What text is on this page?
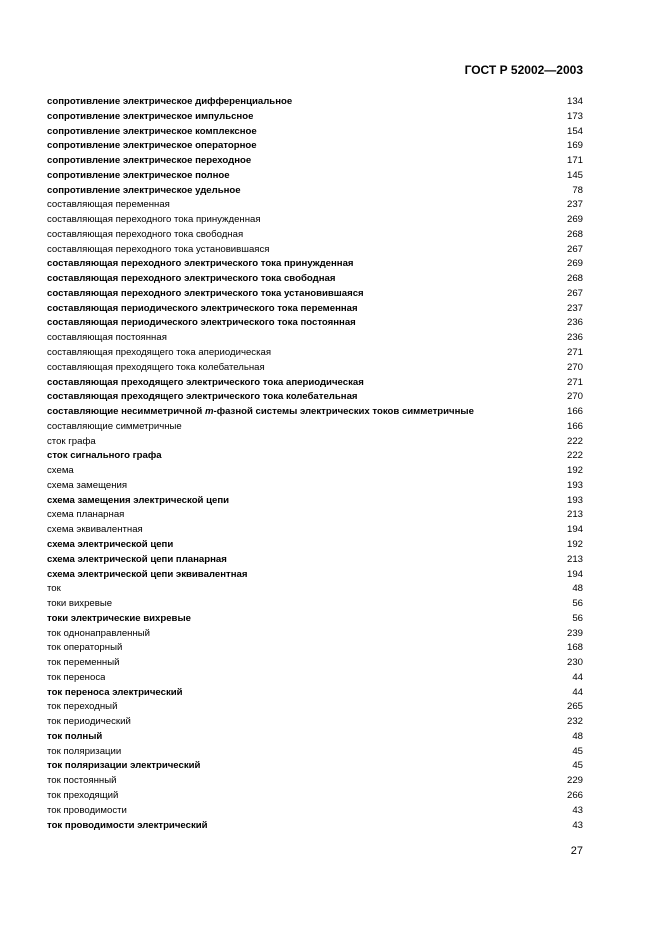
ГОСТ Р 52002—2003
сопротивление электрическое дифференциальное	134
сопротивление электрическое импульсное	173
сопротивление электрическое комплексное	154
сопротивление электрическое операторное	169
сопротивление электрическое переходное	171
сопротивление электрическое полное	145
сопротивление электрическое удельное	78
составляющая переменная	237
составляющая переходного тока принужденная	269
составляющая переходного тока свободная	268
составляющая переходного тока установившаяся	267
составляющая переходного электрического тока принужденная	269
составляющая переходного электрического тока свободная	268
составляющая переходного электрического тока установившаяся	267
составляющая периодического электрического тока переменная	237
составляющая периодического электрического тока постоянная	236
составляющая постоянная	236
составляющая преходящего тока апериодическая	271
составляющая преходящего тока колебательная	270
составляющая преходящего электрического тока апериодическая	271
составляющая преходящего электрического тока колебательная	270
составляющие несимметричной m-фазной системы электрических токов симметричные	166
составляющие симметричные	166
сток графа	222
сток сигнального графа	222
схема	192
схема замещения	193
схема замещения электрической цепи	193
схема планарная	213
схема эквивалентная	194
схема электрической цепи	192
схема электрической цепи планарная	213
схема электрической цепи эквивалентная	194
ток	48
токи вихревые	56
токи электрические вихревые	56
ток однонаправленный	239
ток операторный	168
ток переменный	230
ток переноса	44
ток переноса электрический	44
ток переходный	265
ток периодический	232
ток полный	48
ток поляризации	45
ток поляризации электрический	45
ток постоянный	229
ток преходящий	266
ток проводимости	43
ток проводимости электрический	43
27
